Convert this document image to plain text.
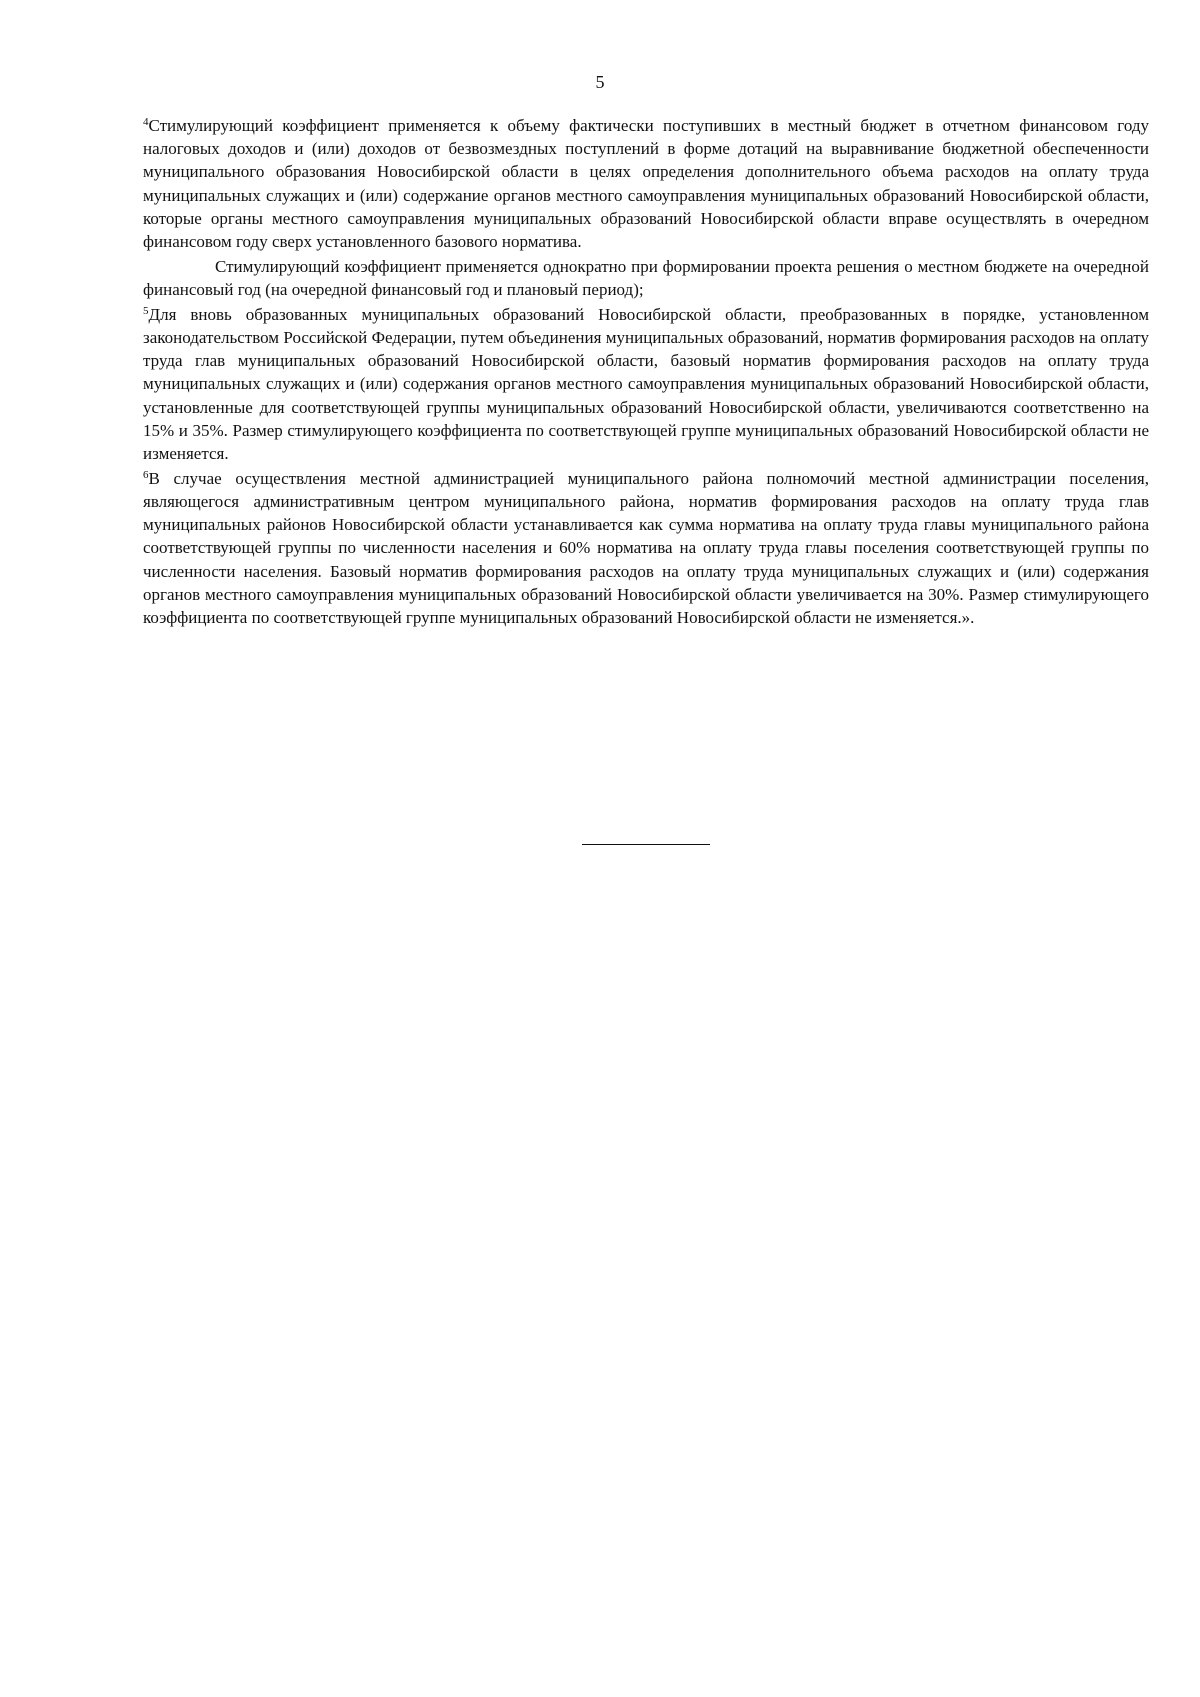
5

$^4$Стимулирующий коэффициент применяется к объему фактически поступивших в местный бюджет в отчетном финансовом году налоговых доходов и (или) доходов от безвозмездных поступлений в форме дотаций на выравнивание бюджетной обеспеченности муниципального образования Новосибирской области в целях определения дополнительного объема расходов на оплату труда муниципальных служащих и (или) содержание органов местного самоуправления муниципальных образований Новосибирской области, которые органы местного самоуправления муниципальных образований Новосибирской области вправе осуществлять в очередном финансовом году сверх установленного базового норматива.

Стимулирующий коэффициент применяется однократно при формировании проекта решения о местном бюджете на очередной финансовый год (на очередной финансовый год и плановый период);

$^5$Для вновь образованных муниципальных образований Новосибирской области, преобразованных в порядке, установленном законодательством Российской Федерации, путем объединения муниципальных образований, норматив формирования расходов на оплату труда глав муниципальных образований Новосибирской области, базовый норматив формирования расходов на оплату труда муниципальных служащих и (или) содержания органов местного самоуправления муниципальных образований Новосибирской области, установленные для соответствующей группы муниципальных образований Новосибирской области, увеличиваются соответственно на 15% и 35%. Размер стимулирующего коэффициента по соответствующей группе муниципальных образований Новосибирской области не изменяется.

$^6$В случае осуществления местной администрацией муниципального района полномочий местной администрации поселения, являющегося административным центром муниципального района, норматив формирования расходов на оплату труда глав муниципальных районов Новосибирской области устанавливается как сумма норматива на оплату труда главы муниципального района соответствующей группы по численности населения и 60% норматива на оплату труда главы поселения соответствующей группы по численности населения. Базовый норматив формирования расходов на оплату труда муниципальных служащих и (или) содержания органов местного самоуправления муниципальных образований Новосибирской области увеличивается на 30%. Размер стимулирующего коэффициента по соответствующей группе муниципальных образований Новосибирской области не изменяется.».
